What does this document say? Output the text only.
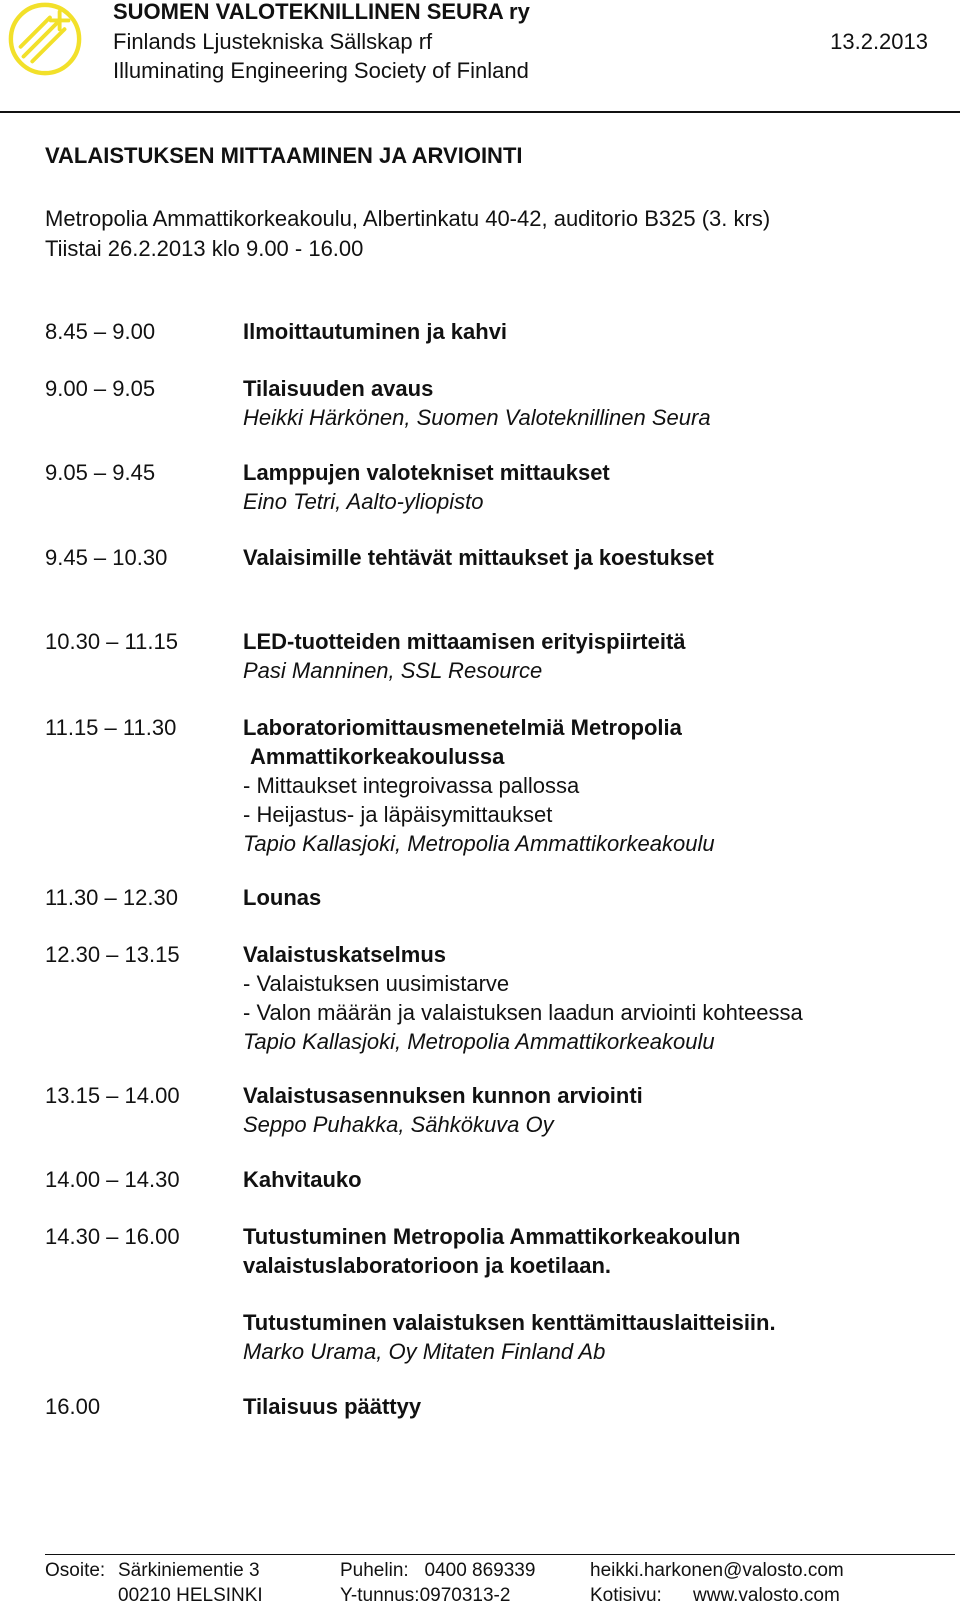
SUOMEN VALOTEKNILLINEN SEURA ry
Finlands Ljustekniska Sällskap rf
Illuminating Engineering Society of Finland
13.2.2013
VALAISTUKSEN MITTAAMINEN JA ARVIOINTI
Metropolia Ammattikorkeakoulu, Albertinkatu 40-42, auditorio B325 (3. krs)
Tiistai 26.2.2013 klo 9.00 - 16.00
8.45 – 9.00	Ilmoittautuminen ja kahvi
9.00 – 9.05	Tilaisuuden avaus
Heikki Härkönen, Suomen Valoteknillinen Seura
9.05 – 9.45	Lamppujen valotekniset mittaukset
Eino Tetri, Aalto-yliopisto
9.45 – 10.30	Valaisimille tehtävät mittaukset ja koestukset
10.30 – 11.15	LED-tuotteiden mittaamisen erityispiirteitä
Pasi Manninen, SSL Resource
11.15 – 11.30	Laboratoriomittausmenetelmiä Metropolia
Ammattikorkeakoulussa
- Mittaukset integroivassa pallossa
- Heijastus- ja läpäisymittaukset
Tapio Kallasjoki, Metropolia Ammattikorkeakoulu
11.30 – 12.30	Lounas
12.30 – 13.15	Valaistuskatselmus
- Valaistuksen uusimistarve
- Valon määrän ja valaistuksen laadun arviointi kohteessa
Tapio Kallasjoki, Metropolia Ammattikorkeakoulu
13.15 – 14.00	Valaistusasennuksen kunnon arviointi
Seppo Puhakka, Sähkökuva Oy
14.00 – 14.30	Kahvitauko
14.30 – 16.00	Tutustuminen Metropolia Ammattikorkeakoulun
valaistuslaboratorioon ja koetilaan.
Tutustuminen valaistuksen kenttämittauslaitteisiin.
Marko Urama, Oy Mitaten Finland Ab
16.00	Tilaisuus päättyy
Osoite: Särkiniementie 3
00210 HELSINKI
Puhelin:   0400 869339
Y-tunnus:0970313-2
heikki.harkonen@valosto.com
Kotisivu: www.valosto.com
